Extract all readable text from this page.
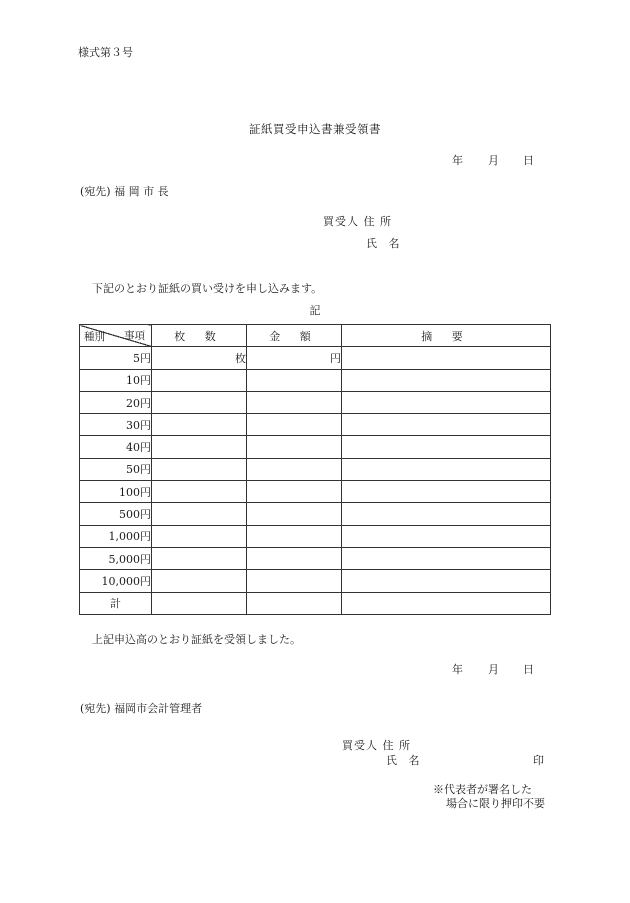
様式第３号
証紙買受申込書兼受領書
年 月 日
(宛先) 福 岡 市 長
買受人 住 所
氏 名
下記のとおり証紙の買い受けを申し込みます。
記
事項
種別	枚 数	金 額	摘 要
5円	枚	円	
10円			
20円			
30円			
40円			
50円			
100円			
500円			
1,000円			
5,000円			
10,000円			
計			
上記申込高のとおり証紙を受領しました。
年 月 日
(宛先) 福岡市会計管理者
買受人 住 所
氏 名	印
※代表者が署名した
場合に限り押印不要
